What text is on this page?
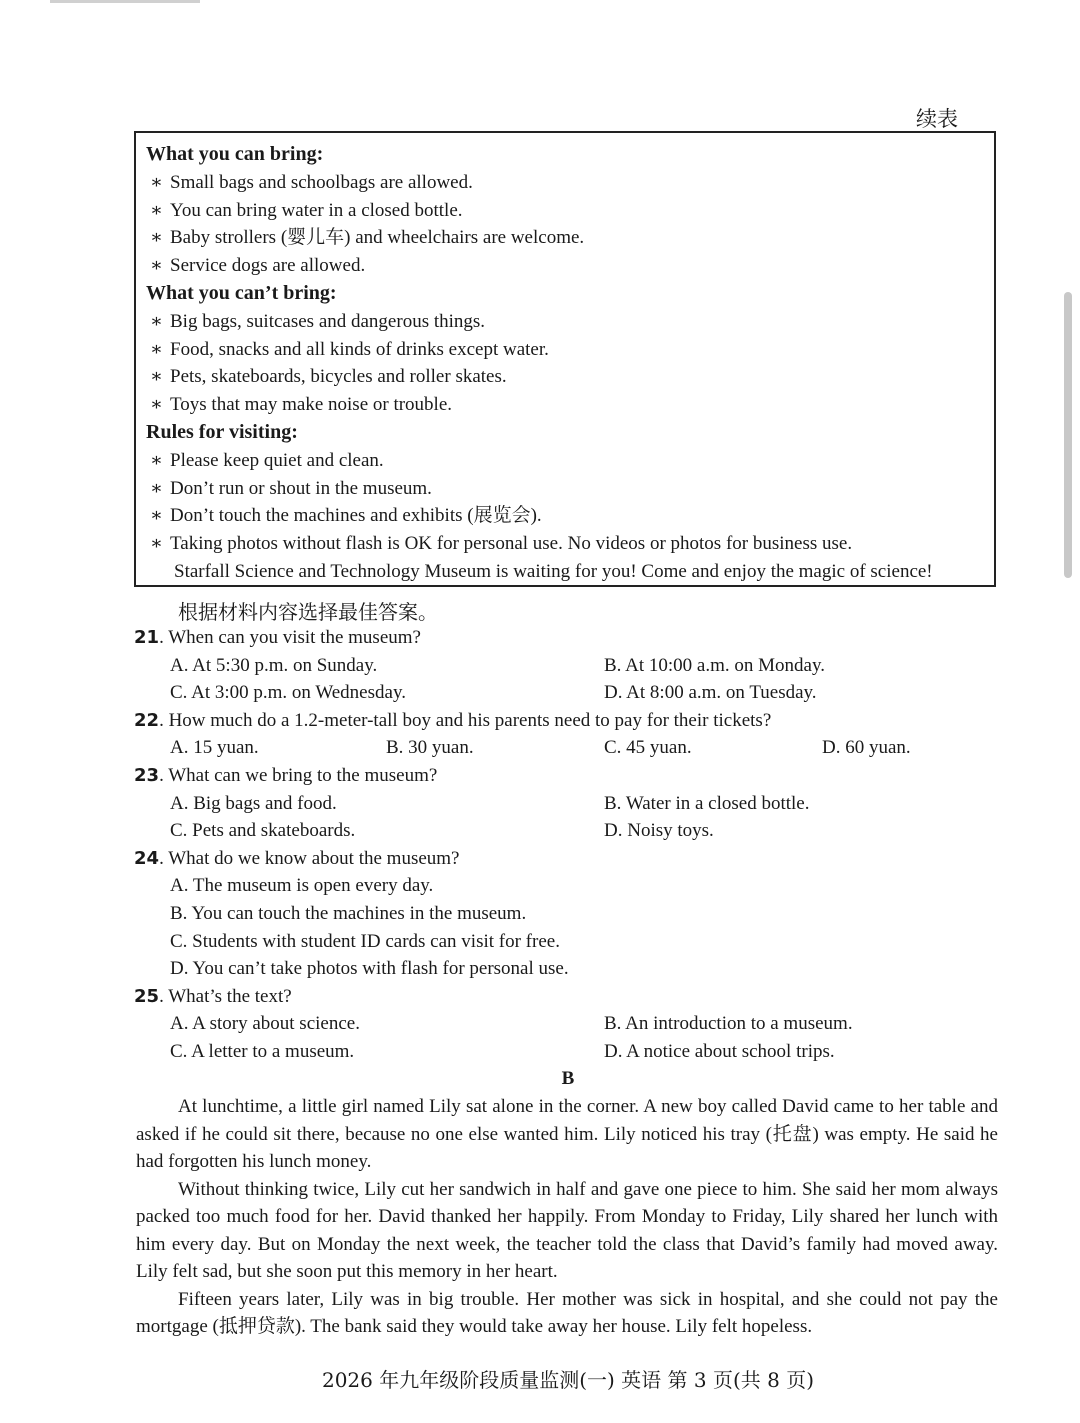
续表
What you can bring:
∗ Small bags and schoolbags are allowed.
∗ You can bring water in a closed bottle.
∗ Baby strollers (婴儿车) and wheelchairs are welcome.
∗ Service dogs are allowed.
What you can’t bring:
∗ Big bags, suitcases and dangerous things.
∗ Food, snacks and all kinds of drinks except water.
∗ Pets, skateboards, bicycles and roller skates.
∗ Toys that may make noise or trouble.
Rules for visiting:
∗ Please keep quiet and clean.
∗ Don’t run or shout in the museum.
∗ Don’t touch the machines and exhibits (展览会).
∗ Taking photos without flash is OK for personal use. No videos or photos for business use.
Starfall Science and Technology Museum is waiting for you! Come and enjoy the magic of science!
根据材料内容选择最佳答案。
21. When can you visit the museum?
A. At 5:30 p.m. on Sunday.	B. At 10:00 a.m. on Monday.
C. At 3:00 p.m. on Wednesday.	D. At 8:00 a.m. on Tuesday.
22. How much do a 1.2-meter-tall boy and his parents need to pay for their tickets?
A. 15 yuan.	B. 30 yuan.	C. 45 yuan.	D. 60 yuan.
23. What can we bring to the museum?
A. Big bags and food.	B. Water in a closed bottle.
C. Pets and skateboards.	D. Noisy toys.
24. What do we know about the museum?
A. The museum is open every day.
B. You can touch the machines in the museum.
C. Students with student ID cards can visit for free.
D. You can’t take photos with flash for personal use.
25. What’s the text?
A. A story about science.	B. An introduction to a museum.
C. A letter to a museum.	D. A notice about school trips.
B

At lunchtime, a little girl named Lily sat alone in the corner. A new boy called David came to her table and asked if he could sit there, because no one else wanted him. Lily noticed his tray (托盘) was empty. He said he had forgotten his lunch money.

Without thinking twice, Lily cut her sandwich in half and gave one piece to him. She said her mom always packed too much food for her. David thanked her happily. From Monday to Friday, Lily shared her lunch with him every day. But on Monday the next week, the teacher told the class that David’s family had moved away. Lily felt sad, but she soon put this memory in her heart.

Fifteen years later, Lily was in big trouble. Her mother was sick in hospital, and she could not pay the mortgage (抵押贷款). The bank said they would take away her house. Lily felt hopeless.

2026 年九年级阶段质量监测(一) 英语 第 3 页(共 8 页)
